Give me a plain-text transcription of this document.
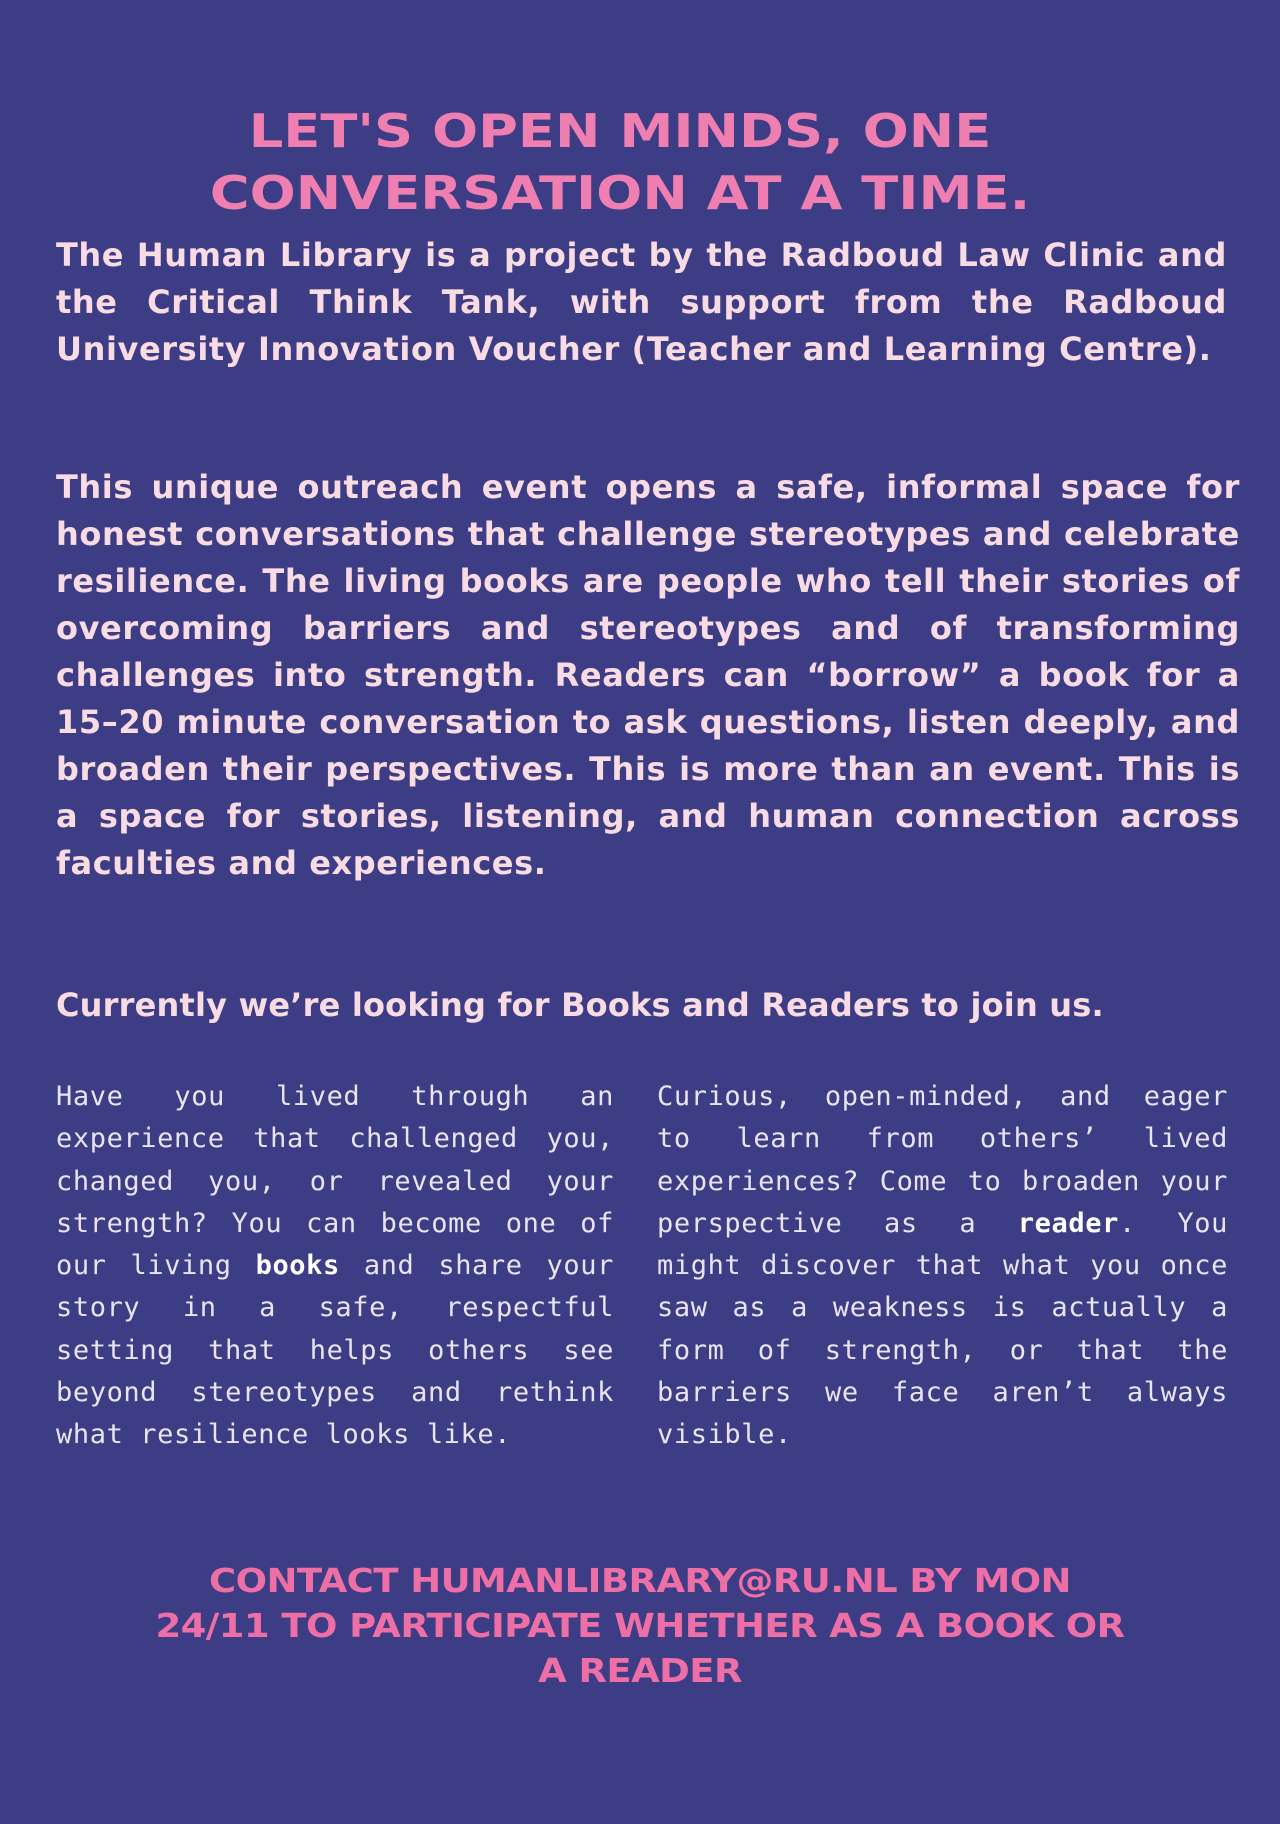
LET'S OPEN MINDS, ONE
CONVERSATION AT A TIME.

The Human Library is a project by the Radboud Law Clinic and the Critical Think Tank, with support from the Radboud University Innovation Voucher (Teacher and Learning Centre).

This unique outreach event opens a safe, informal space for honest conversations that challenge stereotypes and celebrate resilience. The living books are people who tell their stories of overcoming barriers and stereotypes and of transforming challenges into strength. Readers can “borrow” a book for a 15–20 minute conversation to ask questions, listen deeply, and broaden their perspectives. This is more than an event. This is a space for stories, listening, and human connection across faculties and experiences.

Currently we’re looking for Books and Readers to join us.

Have you lived through an experience that challenged you, changed you, or revealed your strength? You can become one of our living books and share your story in a safe, respectful setting that helps others see beyond stereotypes and rethink what resilience looks like.

Curious, open-minded, and eager to learn from others’ lived experiences? Come to broaden your perspective as a reader. You might discover that what you once saw as a weakness is actually a form of strength, or that the barriers we face aren’t always visible.

CONTACT HUMANLIBRARY@RU.NL BY MON
24/11 TO PARTICIPATE WHETHER AS A BOOK OR
A READER
